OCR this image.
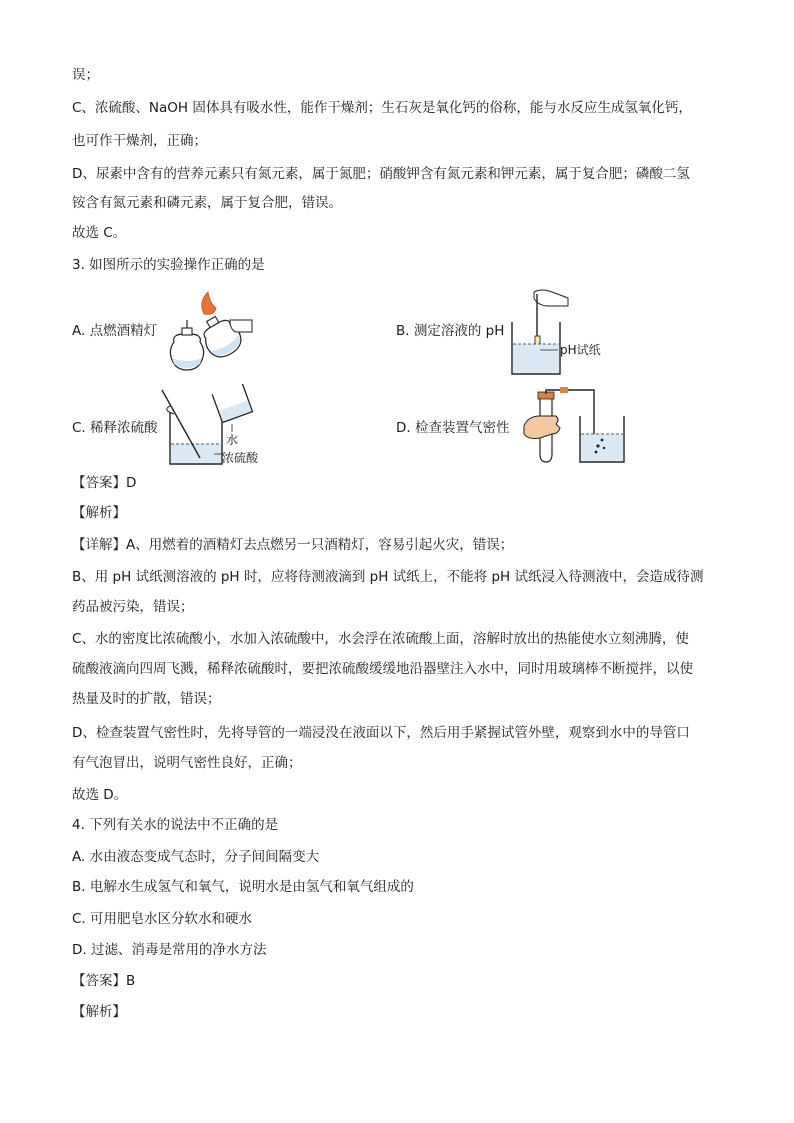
误；
C、浓硫酸、NaOH 固体具有吸水性，能作干燥剂；生石灰是氧化钙的俗称，能与水反应生成氢氧化钙，
也可作干燥剂，正确；
D、尿素中含有的营养元素只有氮元素，属于氮肥；硝酸钾含有氮元素和钾元素，属于复合肥；磷酸二氢
铵含有氮元素和磷元素，属于复合肥，错误。
故选 C。
3. 如图所示的实验操作正确的是
A. 点燃酒精灯	B. 测定溶液的 pH
pH试纸
C. 稀释浓硫酸
水
浓硫酸
D. 检查装置气密性
【答案】D
【解析】
【详解】A、用燃着的酒精灯去点燃另一只酒精灯，容易引起火灾，错误；
B、用 pH 试纸测溶液的 pH 时，应将待测液滴到 pH 试纸上，不能将 pH 试纸浸入待测液中，会造成待测
药品被污染，错误；
C、水的密度比浓硫酸小，水加入浓硫酸中，水会浮在浓硫酸上面，溶解时放出的热能使水立刻沸腾，使
硫酸液滴向四周飞溅，稀释浓硫酸时，要把浓硫酸缓缓地沿器壁注入水中，同时用玻璃棒不断搅拌，以使
热量及时的扩散，错误；
D、检查装置气密性时，先将导管的一端浸没在液面以下，然后用手紧握试管外壁，观察到水中的导管口
有气泡冒出，说明气密性良好，正确；
故选 D。
4. 下列有关水的说法中不正确的是
A. 水由液态变成气态时，分子间间隔变大
B. 电解水生成氢气和氧气，说明水是由氢气和氧气组成的
C. 可用肥皂水区分软水和硬水
D. 过滤、消毒是常用的净水方法
【答案】B
【解析】
